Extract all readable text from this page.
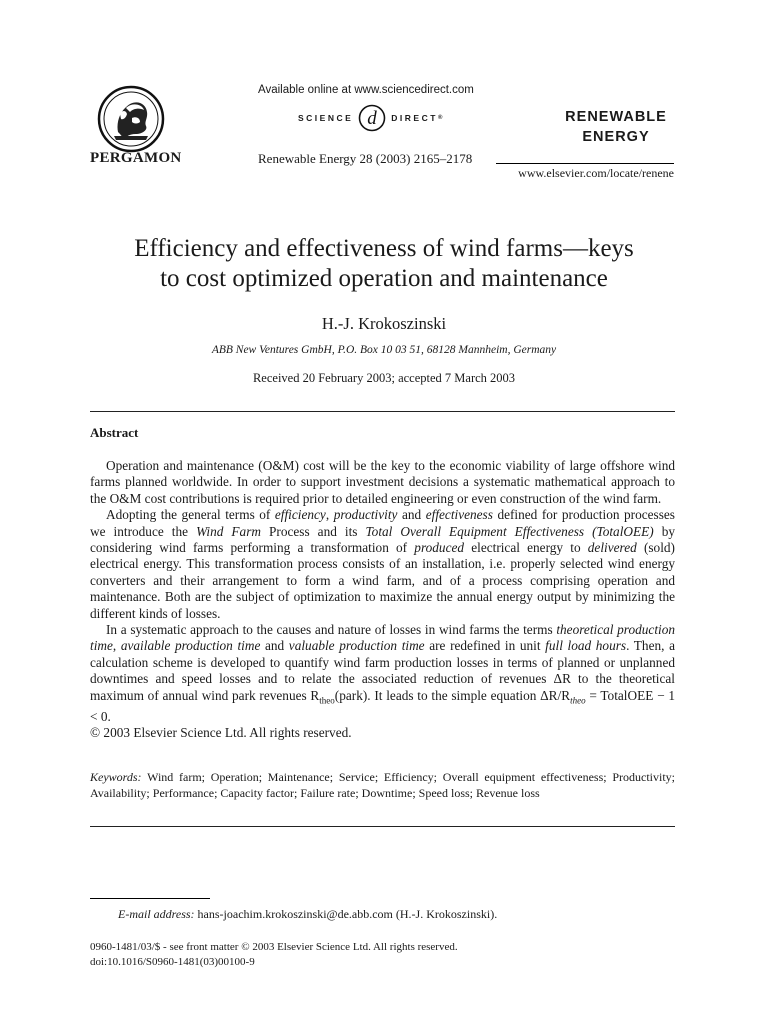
PERGAMON
Available online at www.sciencedirect.com
SCIENCE d DIRECT ®
Renewable Energy 28 (2003) 2165–2178
RENEWABLE
ENERGY
www.elsevier.com/locate/renene
Efficiency and effectiveness of wind farms—keys
to cost optimized operation and maintenance
H.-J. Krokoszinski
ABB New Ventures GmbH, P.O. Box 10 03 51, 68128 Mannheim, Germany
Received 20 February 2003; accepted 7 March 2003
Abstract

Operation and maintenance (O&M) cost will be the key to the economic viability of large offshore wind farms planned worldwide. In order to support investment decisions a systematic mathematical approach to the O&M cost contributions is required prior to detailed engineering or even construction of the wind farm.

Adopting the general terms of efficiency, productivity and effectiveness defined for production processes we introduce the Wind Farm Process and its Total Overall Equipment Effectiveness (TotalOEE) by considering wind farms performing a transformation of produced electrical energy to delivered (sold) electrical energy. This transformation process consists of an installation, i.e. properly selected wind energy converters and their arrangement to form a wind farm, and of a process comprising operation and maintenance. Both are the subject of optimization to maximize the annual energy output by minimizing the different kinds of losses.

In a systematic approach to the causes and nature of losses in wind farms the terms theoretical production time, available production time and valuable production time are redefined in unit full load hours. Then, a calculation scheme is developed to quantify wind farm production losses in terms of planned or unplanned downtimes and speed losses and to relate the associated reduction of revenues ΔR to the theoretical maximum of annual wind park revenues $R_{theo}(park)$. It leads to the simple equation $\Delta R/R_{theo}$ = TotalOEE − 1 < 0.

© 2003 Elsevier Science Ltd. All rights reserved.

Keywords: Wind farm; Operation; Maintenance; Service; Efficiency; Overall equipment effectiveness; Productivity; Availability; Performance; Capacity factor; Failure rate; Downtime; Speed loss; Revenue loss
E-mail address: hans-joachim.krokoszinski@de.abb.com (H.-J. Krokoszinski).
0960-1481/03/$ - see front matter © 2003 Elsevier Science Ltd. All rights reserved.
doi:10.1016/S0960-1481(03)00100-9
